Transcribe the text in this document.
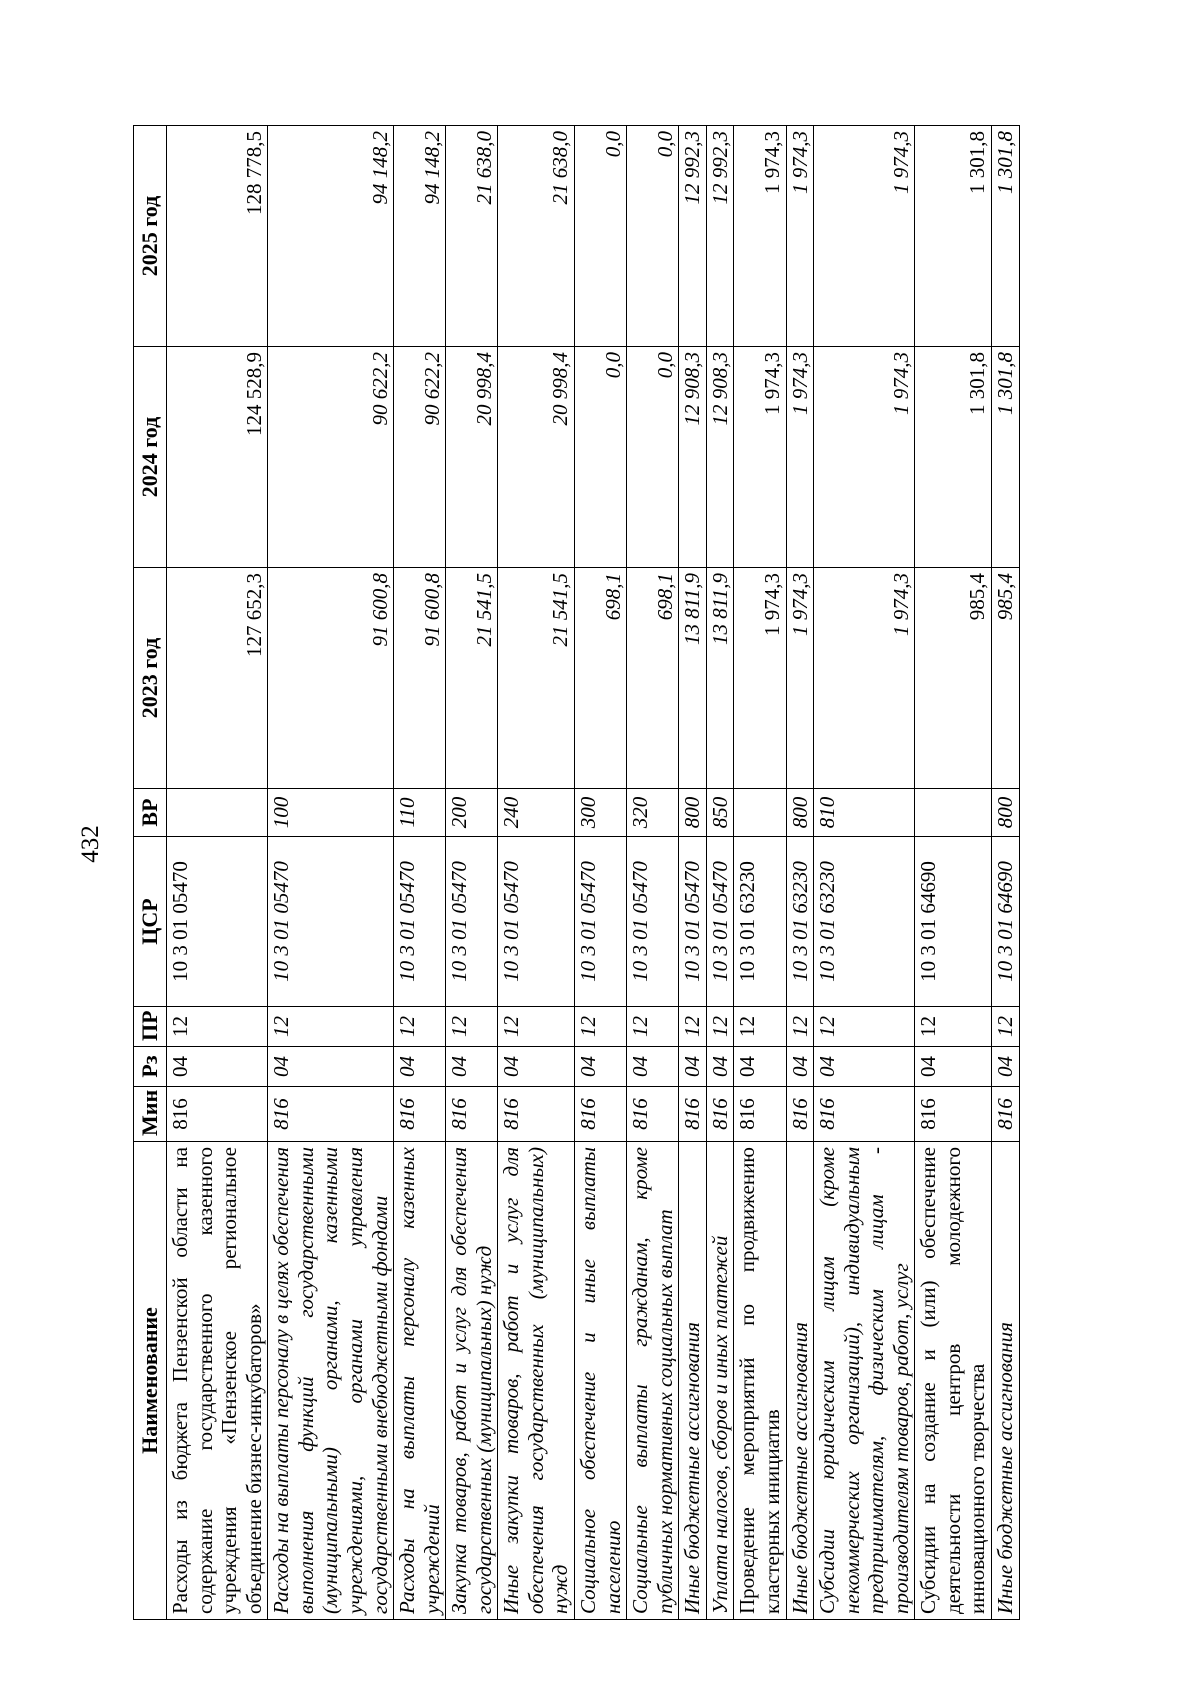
432
Наименование	Мин	Рз	ПР	ЦСР	ВР	2023 год	2024 год	2025 год
Расходы из бюджета Пензенской области на содержание государственного казенного учреждения «Пензенское региональное объединение бизнес-инкубаторов»	816	04	12	10 3 01 05470		127 652,3	124 528,9	128 778,5
Расходы на выплаты персоналу в целях обеспечения выполнения функций государственными (муниципальными) органами, казенными учреждениями, органами управления государственными внебюджетными фондами	816	04	12	10 3 01 05470	100	91 600,8	90 622,2	94 148,2
Расходы на выплаты персоналу казенных учреждений	816	04	12	10 3 01 05470	110	91 600,8	90 622,2	94 148,2
Закупка товаров, работ и услуг для обеспечения государственных (муниципальных) нужд	816	04	12	10 3 01 05470	200	21 541,5	20 998,4	21 638,0
Иные закупки товаров, работ и услуг для обеспечения государственных (муниципальных) нужд	816	04	12	10 3 01 05470	240	21 541,5	20 998,4	21 638,0
Социальное обеспечение и иные выплаты населению	816	04	12	10 3 01 05470	300	698,1	0,0	0,0
Социальные выплаты гражданам, кроме публичных нормативных социальных выплат	816	04	12	10 3 01 05470	320	698,1	0,0	0,0
Иные бюджетные ассигнования	816	04	12	10 3 01 05470	800	13 811,9	12 908,3	12 992,3
Уплата налогов, сборов и иных платежей	816	04	12	10 3 01 05470	850	13 811,9	12 908,3	12 992,3
Проведение мероприятий по продвижению кластерных инициатив	816	04	12	10 3 01 63230		1 974,3	1 974,3	1 974,3
Иные бюджетные ассигнования	816	04	12	10 3 01 63230	800	1 974,3	1 974,3	1 974,3
Субсидии юридическим лицам (кроме некоммерческих организаций), индивидуальным предпринимателям, физическим лицам - производителям товаров, работ, услуг	816	04	12	10 3 01 63230	810	1 974,3	1 974,3	1 974,3
Субсидии на создание и (или) обеспечение деятельности центров молодежного инновационного творчества	816	04	12	10 3 01 64690		985,4	1 301,8	1 301,8
Иные бюджетные ассигнования	816	04	12	10 3 01 64690	800	985,4	1 301,8	1 301,8
